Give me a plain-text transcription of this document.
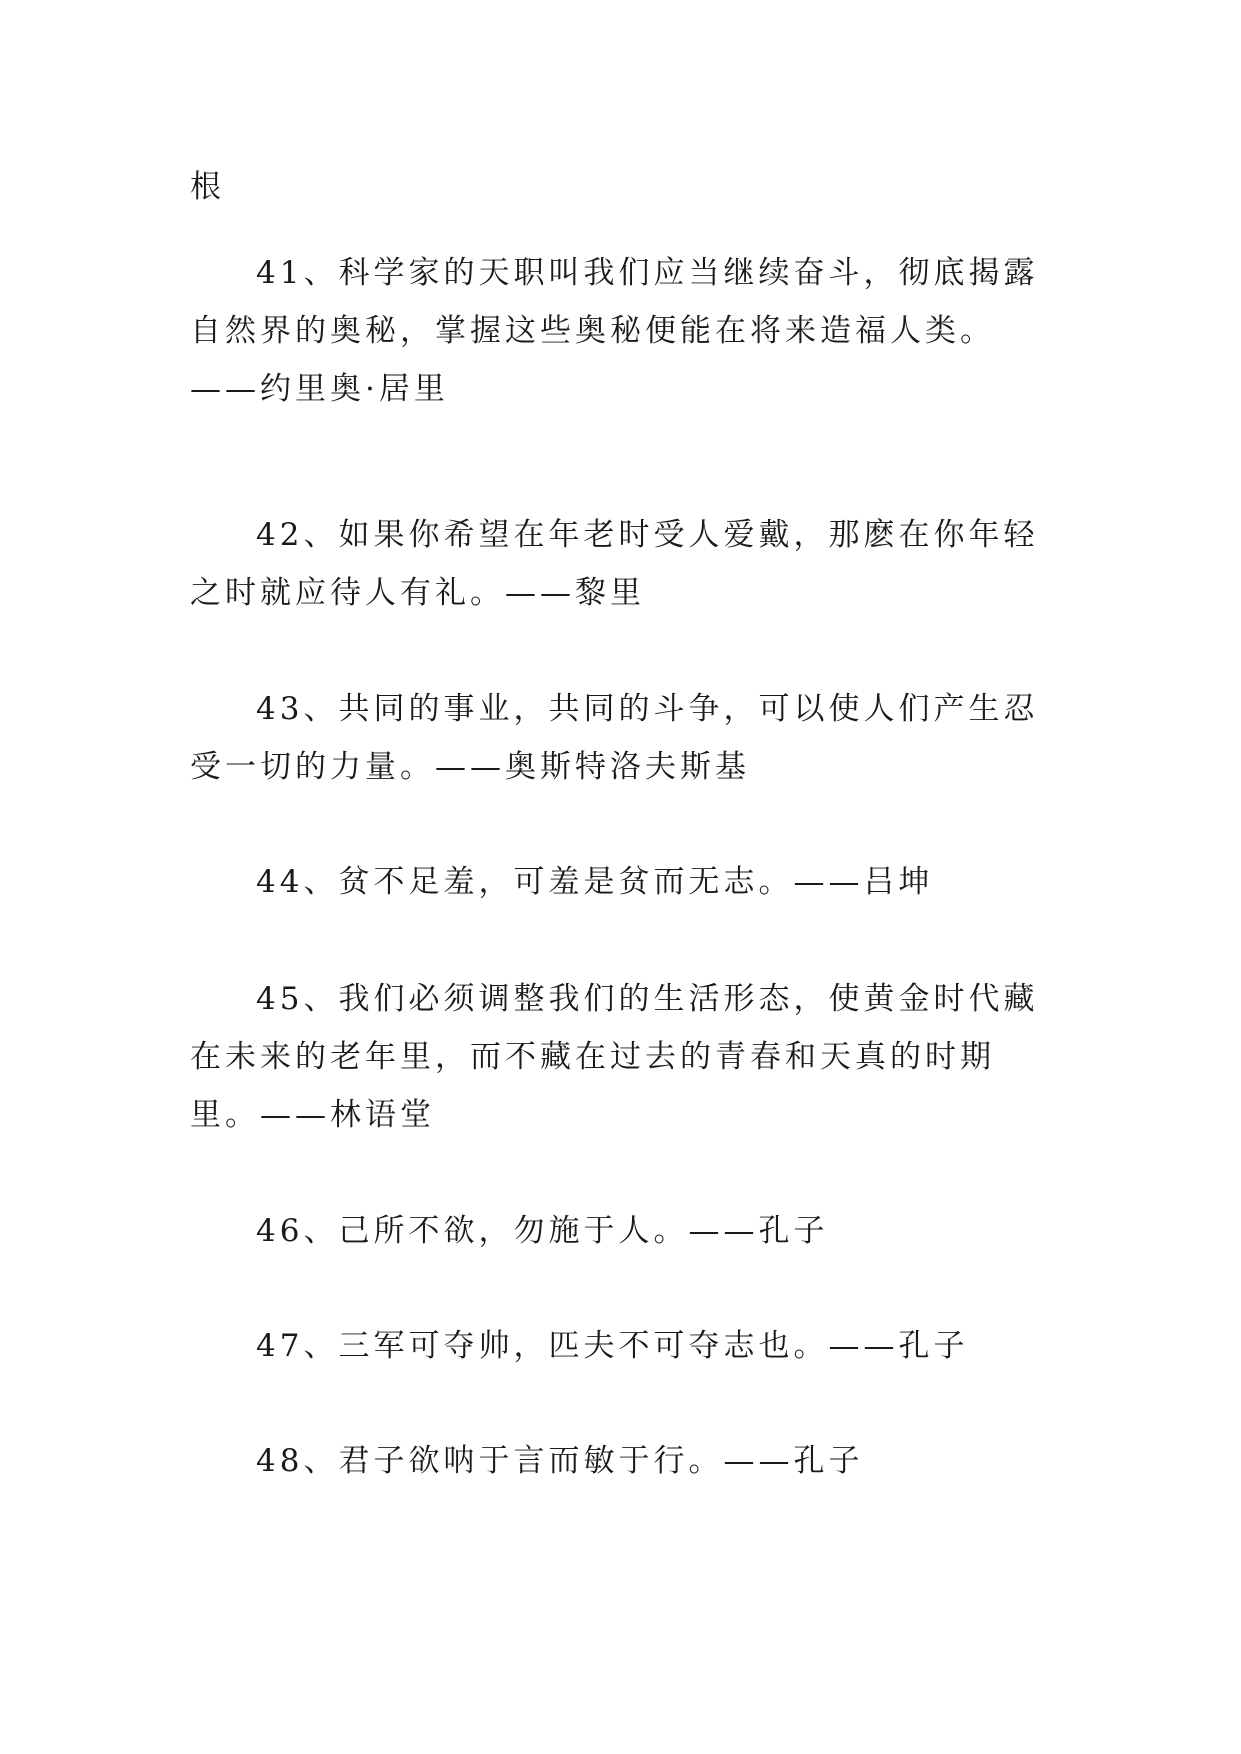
根

41、科学家的天职叫我们应当继续奋斗，彻底揭露自然界的奥秘，掌握这些奥秘便能在将来造福人类。——约里奥·居里

42、如果你希望在年老时受人爱戴，那麽在你年轻之时就应待人有礼。——黎里

43、共同的事业，共同的斗争，可以使人们产生忍受一切的力量。——奥斯特洛夫斯基

44、贫不足羞，可羞是贫而无志。——吕坤

45、我们必须调整我们的生活形态，使黄金时代藏在未来的老年里，而不藏在过去的青春和天真的时期里。——林语堂

46、己所不欲，勿施于人。——孔子

47、三军可夺帅，匹夫不可夺志也。——孔子

48、君子欲呐于言而敏于行。——孔子
